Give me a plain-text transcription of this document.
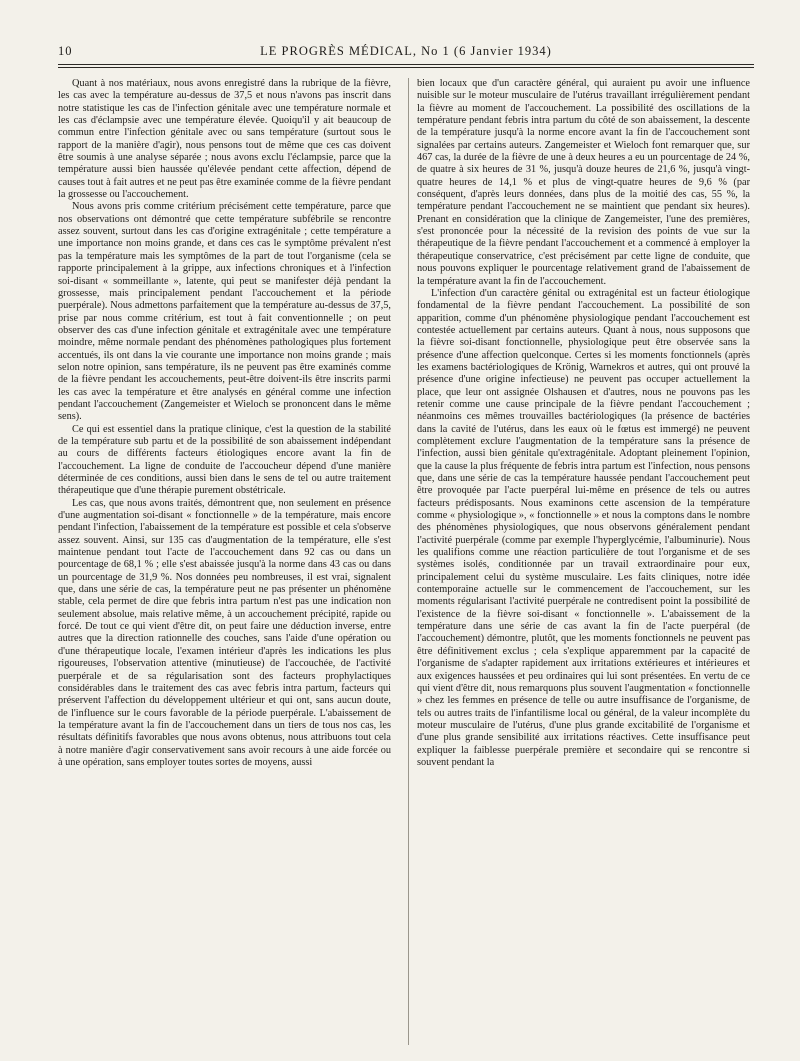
10	LE PROGRÈS MÉDICAL, No 1 (6 Janvier 1934)

Quant à nos matériaux, nous avons enregistré dans la rubrique de la fièvre, les cas avec la température au-dessus de 37,5 et nous n'avons pas inscrit dans notre statistique les cas de l'infection génitale avec une température normale et les cas d'éclampsie avec une température élevée. Quoiqu'il y ait beaucoup de commun entre l'infection génitale avec ou sans température (surtout sous le rapport de la manière d'agir), nous pensons tout de même que ces cas doivent être soumis à une analyse séparée ; nous avons exclu l'éclampsie, parce que la température aussi bien haussée qu'élevée pendant cette affection, dépend de causes tout à fait autres et ne peut pas être examinée comme de la fièvre pendant la grossesse ou l'accouchement.

Nous avons pris comme critérium précisément cette température, parce que nos observations ont démontré que cette température subfébrile se rencontre assez souvent, surtout dans les cas d'origine extragénitale ; cette température a une importance non moins grande, et dans ces cas le symptôme prévalent n'est pas la température mais les symptômes de la part de tout l'organisme (cela se rapporte principalement à la grippe, aux infections chroniques et à l'infection soi-disant « sommeillante », latente, qui peut se manifester déjà pendant la grossesse, mais principalement pendant l'accouchement et la période puerpérale). Nous admettons parfaitement que la température au-dessus de 37,5, prise par nous comme critérium, est tout à fait conventionnelle ; on peut observer des cas d'une infection génitale et extragénitale avec une température moindre, même normale pendant des phénomènes pathologiques plus fortement accentués, ils ont dans la vie courante une importance non moins grande ; mais selon notre opinion, sans température, ils ne peuvent pas être examinés comme de la fièvre pendant les accouchements, peut-être doivent-ils être inscrits parmi les cas avec la température et être analysés en général comme une infection pendant l'accouchement (Zangemeister et Wieloch se prononcent dans le même sens).

Ce qui est essentiel dans la pratique clinique, c'est la question de la stabilité de la température sub partu et de la possibilité de son abaissement indépendant au cours de différents facteurs étiologiques encore avant la fin de l'accouchement. La ligne de conduite de l'accoucheur dépend d'une manière déterminée de ces conditions, aussi bien dans le sens de tel ou autre traitement thérapeutique que d'une thérapie purement obstétricale.

Les cas, que nous avons traités, démontrent que, non seulement en présence d'une augmentation soi-disant « fonctionnelle » de la température, mais encore pendant l'infection, l'abaissement de la température est possible et cela s'observe assez souvent. Ainsi, sur 135 cas d'augmentation de la température, elle s'est maintenue pendant tout l'acte de l'accouchement dans 92 cas ou dans un pourcentage de 68,1 % ; elle s'est abaissée jusqu'à la norme dans 43 cas ou dans un pourcentage de 31,9 %. Nos données peu nombreuses, il est vrai, signalent que, dans une série de cas, la température peut ne pas présenter un phénomène stable, cela permet de dire que febris intra partum n'est pas une indication non seulement absolue, mais relative même, à un accouchement précipité, rapide ou forcé. De tout ce qui vient d'être dit, on peut faire une déduction inverse, entre autres que la direction rationnelle des couches, sans l'aide d'une opération ou d'une thérapeutique locale, l'examen intérieur d'après les indications les plus rigoureuses, l'observation attentive (minutieuse) de l'accouchée, de l'activité puerpérale et de sa régularisation sont des facteurs prophylactiques considérables dans le traitement des cas avec febris intra partum, facteurs qui préservent l'affection du développement ultérieur et qui ont, sans aucun doute, de l'influence sur le cours favorable de la période puerpérale. L'abaissement de la température avant la fin de l'accouchement dans un tiers de tous nos cas, les résultats définitifs favorables que nous avons obtenus, nous attribuons tout cela à notre manière d'agir conservativement sans avoir recours à une aide forcée ou à une opération, sans employer toutes sortes de moyens, aussi

bien locaux que d'un caractère général, qui auraient pu avoir une influence nuisible sur le moteur musculaire de l'utérus travaillant irrégulièrement pendant la fièvre au moment de l'accouchement. La possibilité des oscillations de la température pendant febris intra partum du côté de son abaissement, la descente de la température jusqu'à la norme encore avant la fin de l'accouchement sont signalées par certains auteurs. Zangemeister et Wieloch font remarquer que, sur 467 cas, la durée de la fièvre de une à deux heures a eu un pourcentage de 24 %, de quatre à six heures de 31 %, jusqu'à douze heures de 21,6 %, jusqu'à vingt-quatre heures de 14,1 % et plus de vingt-quatre heures de 9,6 % (par conséquent, d'après leurs données, dans plus de la moitié des cas, 55 %, la température pendant l'accouchement ne se maintient que pendant six heures). Prenant en considération que la clinique de Zangemeister, l'une des premières, s'est prononcée pour la nécessité de la revision des points de vue sur la thérapeutique de la fièvre pendant l'accouchement et a commencé à employer la thérapeutique conservatrice, c'est précisément par cette ligne de conduite, que nous pouvons expliquer le pourcentage relativement grand de l'abaissement de la température avant la fin de l'accouchement.

L'infection d'un caractère génital ou extragénital est un facteur étiologique fondamental de la fièvre pendant l'accouchement. La possibilité de son apparition, comme d'un phénomène physiologique pendant l'accouchement est contestée actuellement par certains auteurs. Quant à nous, nous supposons que la fièvre soi-disant fonctionnelle, physiologique peut être observée sans la présence d'une affection quelconque. Certes si les moments fonctionnels (après les examens bactériologiques de Krönig, Warnekros et autres, qui ont prouvé la présence d'une origine infectieuse) ne peuvent pas occuper actuellement la place, que leur ont assignée Olshausen et d'autres, nous ne pouvons pas les retenir comme une cause principale de la fièvre pendant l'accouchement ; néanmoins ces mêmes trouvailles bactériologiques (la présence de bactéries dans la cavité de l'utérus, dans les eaux où le fœtus est immergé) ne peuvent complètement exclure l'augmentation de la température sans la présence de l'infection, aussi bien génitale qu'extragénitale. Adoptant pleinement l'opinion, que la cause la plus fréquente de febris intra partum est l'infection, nous pensons que, dans une série de cas la température haussée pendant l'accouchement peut être provoquée par l'acte puerpéral lui-même en présence de tels ou autres facteurs prédisposants. Nous examinons cette ascension de la température comme « physiologique », « fonctionnelle » et nous la comptons dans le nombre des phénomènes physiologiques, que nous observons généralement pendant l'activité puerpérale (comme par exemple l'hyperglycémie, l'albuminurie). Nous les qualifions comme une réaction particulière de tout l'organisme et de ses systèmes isolés, conditionnée par un travail extraordinaire pour eux, principalement celui du système musculaire. Les faits cliniques, notre idée contemporaine actuelle sur le commencement de l'accouchement, sur les moments régularisant l'activité puerpérale ne contredisent point la possibilité de l'existence de la fièvre soi-disant « fonctionnelle ». L'abaissement de la température dans une série de cas avant la fin de l'acte puerpéral (de l'accouchement) démontre, plutôt, que les moments fonctionnels ne peuvent pas être définitivement exclus ; cela s'explique apparemment par la capacité de l'organisme de s'adapter rapidement aux irritations extérieures et intérieures et aux exigences haussées et peu ordinaires qui lui sont présentées. En vertu de ce qui vient d'être dit, nous remarquons plus souvent l'augmentation « fonctionnelle » chez les femmes en présence de telle ou autre insuffisance de l'organisme, de tels ou autres traits de l'infantilisme local ou général, de la valeur incomplète du moteur musculaire de l'utérus, d'une plus grande excitabilité de l'organisme et d'une plus grande sensibilité aux irritations réactives. Cette insuffisance peut expliquer la faiblesse puerpérale première et secondaire qui se rencontre si souvent pendant la
